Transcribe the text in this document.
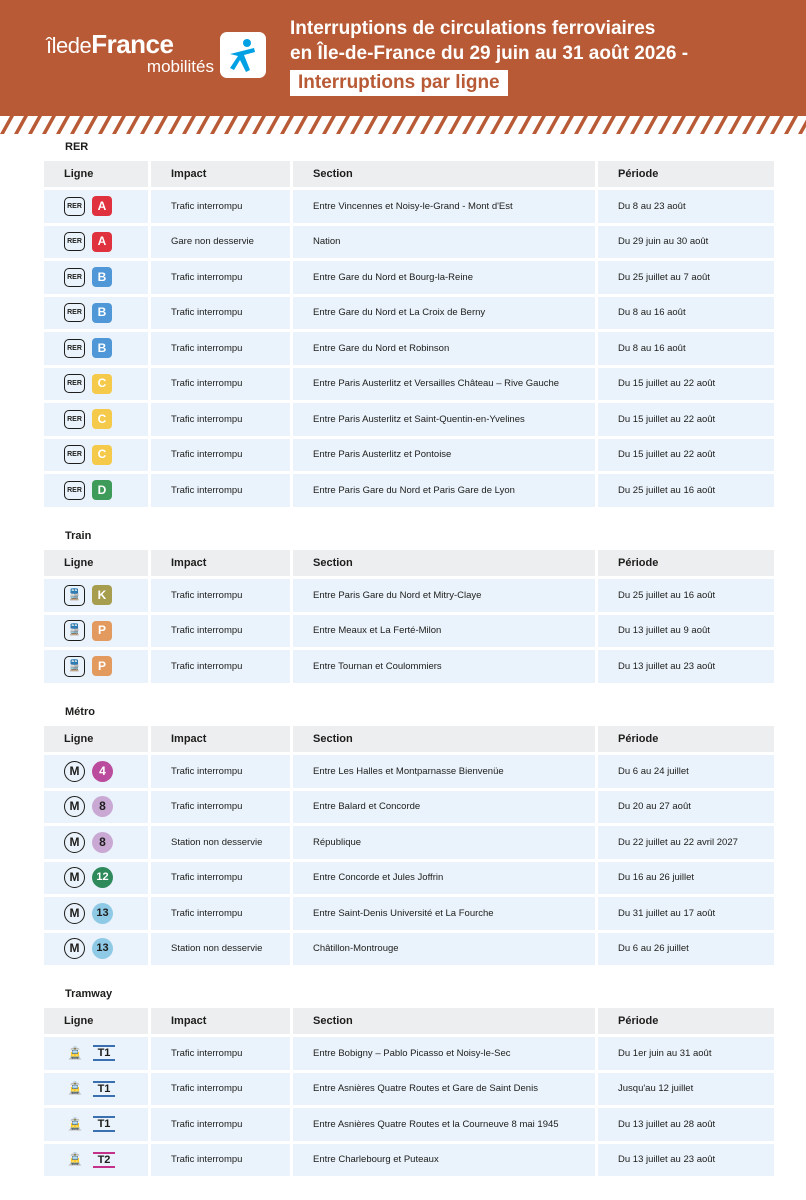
îledeFrance
mobilités
Interruptions de circulations ferroviaires
en Île-de-France du 29 juin au 31 août 2026 -
Interruptions par ligne
RER
Ligne	Impact	Section	Période
RER	A	Trafic interrompu	Entre Vincennes et Noisy-le-Grand - Mont d'Est	Du 8 au 23 août
RER	A	Gare non desservie	Nation	Du 29 juin au 30 août
RER	B	Trafic interrompu	Entre Gare du Nord et Bourg-la-Reine	Du 25 juillet au 7 août
RER	B	Trafic interrompu	Entre Gare du Nord et La Croix de Berny	Du 8 au 16 août
RER	B	Trafic interrompu	Entre Gare du Nord et Robinson	Du 8 au 16 août
RER	C	Trafic interrompu	Entre Paris Austerlitz et Versailles Château – Rive Gauche	Du 15 juillet au 22 août
RER	C	Trafic interrompu	Entre Paris Austerlitz et Saint-Quentin-en-Yvelines	Du 15 juillet au 22 août
RER	C	Trafic interrompu	Entre Paris Austerlitz et Pontoise	Du 15 juillet au 22 août
RER	D	Trafic interrompu	Entre Paris Gare du Nord et Paris Gare de Lyon	Du 25 juillet au 16 août
Train
Ligne	Impact	Section	Période
🚆	K	Trafic interrompu	Entre Paris Gare du Nord et Mitry-Claye	Du 25 juillet au 16 août
🚆	P	Trafic interrompu	Entre Meaux et La Ferté-Milon	Du 13 juillet au 9 août
🚆	P	Trafic interrompu	Entre Tournan et Coulommiers	Du 13 juillet au 23 août
Métro
Ligne	Impact	Section	Période
M	4	Trafic interrompu	Entre Les Halles et Montparnasse Bienvenüe	Du 6 au 24 juillet
M	8	Trafic interrompu	Entre Balard et Concorde	Du 20 au 27 août
M	8	Station non desservie	République	Du 22 juillet au 22 avril 2027
M	12	Trafic interrompu	Entre Concorde et Jules Joffrin	Du 16 au 26 juillet
M	13	Trafic interrompu	Entre Saint-Denis Université et La Fourche	Du 31 juillet au 17 août
M	13	Station non desservie	Châtillon-Montrouge	Du 6 au 26 juillet
Tramway
Ligne	Impact	Section	Période
🚊	T1	Trafic interrompu	Entre Bobigny – Pablo Picasso et Noisy-le-Sec	Du 1er juin au 31 août
🚊	T1	Trafic interrompu	Entre Asnières Quatre Routes et Gare de Saint Denis	Jusqu'au 12 juillet
🚊	T1	Trafic interrompu	Entre Asnières Quatre Routes et la Courneuve 8 mai 1945	Du 13 juillet au 28 août
🚊	T2	Trafic interrompu	Entre Charlebourg et Puteaux	Du 13 juillet au 23 août
